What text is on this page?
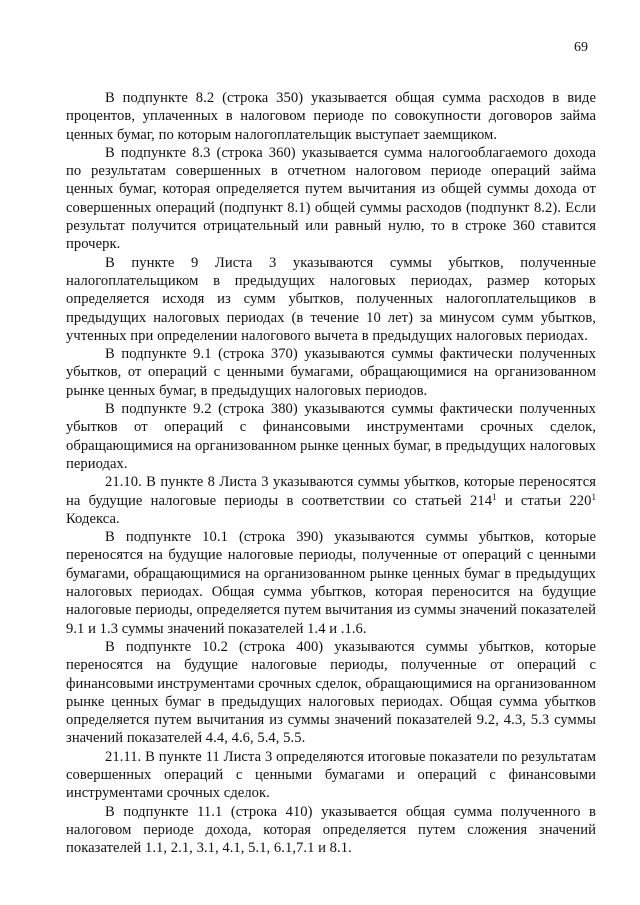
69

В подпункте 8.2 (строка 350) указывается общая сумма расходов в виде процентов, уплаченных в налоговом периоде по совокупности договоров займа ценных бумаг, по которым налогоплательщик выступает заемщиком.

В подпункте 8.3 (строка 360) указывается сумма налогооблагаемого дохода по результатам совершенных в отчетном налоговом периоде операций займа ценных бумаг, которая определяется путем вычитания из общей суммы дохода от совершенных операций (подпункт 8.1) общей суммы расходов (подпункт 8.2). Если результат получится отрицательный или равный нулю, то в строке 360 ставится прочерк.

В пункте 9 Листа 3 указываются суммы убытков, полученные налогоплательщиком в предыдущих налоговых периодах, размер которых определяется исходя из сумм убытков, полученных налогоплательщиков в предыдущих налоговых периодах (в течение 10 лет) за минусом сумм убытков, учтенных при определении налогового вычета в предыдущих налоговых периодах.

В подпункте 9.1 (строка 370) указываются суммы фактически полученных убытков, от операций с ценными бумагами, обращающимися на организованном рынке ценных бумаг, в предыдущих налоговых периодов.

В подпункте 9.2 (строка 380) указываются суммы фактически полученных убытков от операций с финансовыми инструментами срочных сделок, обращающимися на организованном рынке ценных бумаг, в предыдущих налоговых периодах.

21.10. В пункте 8 Листа 3 указываются суммы убытков, которые переносятся на будущие налоговые периоды в соответствии со статьей $214^1$ и статьи $220^1$ Кодекса.

В подпункте 10.1 (строка 390) указываются суммы убытков, которые переносятся на будущие налоговые периоды, полученные от операций с ценными бумагами, обращающимися на организованном рынке ценных бумаг в предыдущих налоговых периодах. Общая сумма убытков, которая переносится на будущие налоговые периоды, определяется путем вычитания из суммы значений показателей 9.1 и 1.3 суммы значений показателей 1.4 и .1.6.

В подпункте 10.2 (строка 400) указываются суммы убытков, которые переносятся на будущие налоговые периоды, полученные от операций с финансовыми инструментами срочных сделок, обращающимися на организованном рынке ценных бумаг в предыдущих налоговых периодах. Общая сумма убытков определяется путем вычитания из суммы значений показателей 9.2, 4.3, 5.3 суммы значений показателей 4.4, 4.6, 5.4, 5.5.

21.11. В пункте 11 Листа 3 определяются итоговые показатели по результатам совершенных операций с ценными бумагами и операций с финансовыми инструментами срочных сделок.

В подпункте 11.1 (строка 410) указывается общая сумма полученного в налоговом периоде дохода, которая определяется путем сложения значений показателей 1.1, 2.1, 3.1, 4.1, 5.1, 6.1,7.1 и 8.1.
